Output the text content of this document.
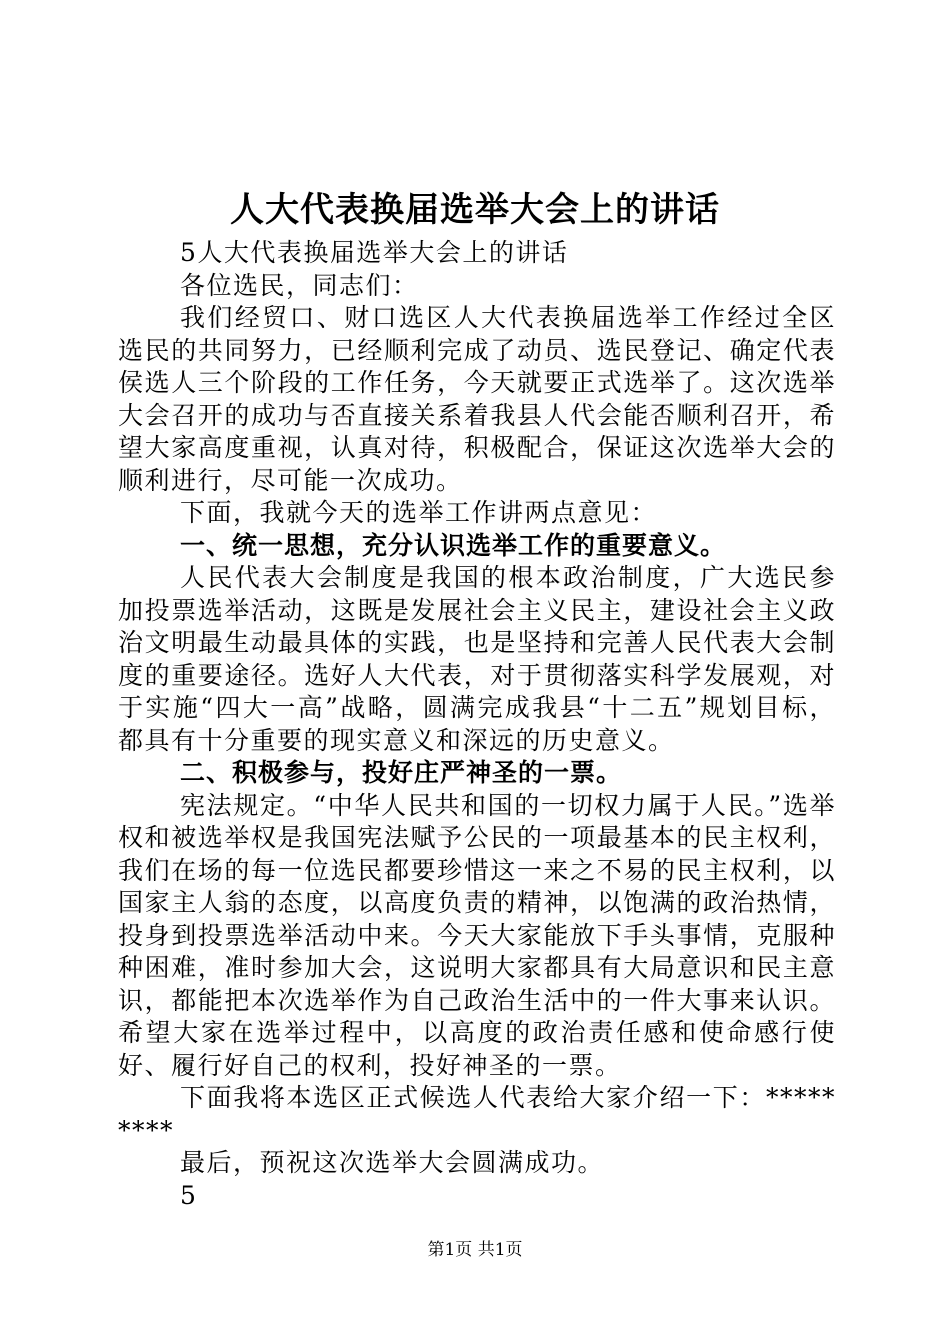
人大代表换届选举大会上的讲话

5人大代表换届选举大会上的讲话

各位选民，同志们：

我们经贸口、财口选区人大代表换届选举工作经过全区选民的共同努力，已经顺利完成了动员、选民登记、确定代表侯选人三个阶段的工作任务，今天就要正式选举了。这次选举大会召开的成功与否直接关系着我县人代会能否顺利召开，希望大家高度重视，认真对待，积极配合，保证这次选举大会的顺利进行，尽可能一次成功。

下面，我就今天的选举工作讲两点意见：

一、统一思想，充分认识选举工作的重要意义。

人民代表大会制度是我国的根本政治制度，广大选民参加投票选举活动，这既是发展社会主义民主，建设社会主义政治文明最生动最具体的实践，也是坚持和完善人民代表大会制度的重要途径。选好人大代表，对于贯彻落实科学发展观，对于实施“四大一高”战略，圆满完成我县“十二五”规划目标，都具有十分重要的现实意义和深远的历史意义。

二、积极参与，投好庄严神圣的一票。

宪法规定。“中华人民共和国的一切权力属于人民。”选举权和被选举权是我国宪法赋予公民的一项最基本的民主权利，我们在场的每一位选民都要珍惜这一来之不易的民主权利，以国家主人翁的态度，以高度负责的精神，以饱满的政治热情，投身到投票选举活动中来。今天大家能放下手头事情，克服种种困难，准时参加大会，这说明大家都具有大局意识和民主意识，都能把本次选举作为自己政治生活中的一件大事来认识。希望大家在选举过程中，以高度的政治责任感和使命感行使好、履行好自己的权利，投好神圣的一票。

下面我将本选区正式候选人代表给大家介绍一下：*********

最后，预祝这次选举大会圆满成功。

5

第1页 共1页
